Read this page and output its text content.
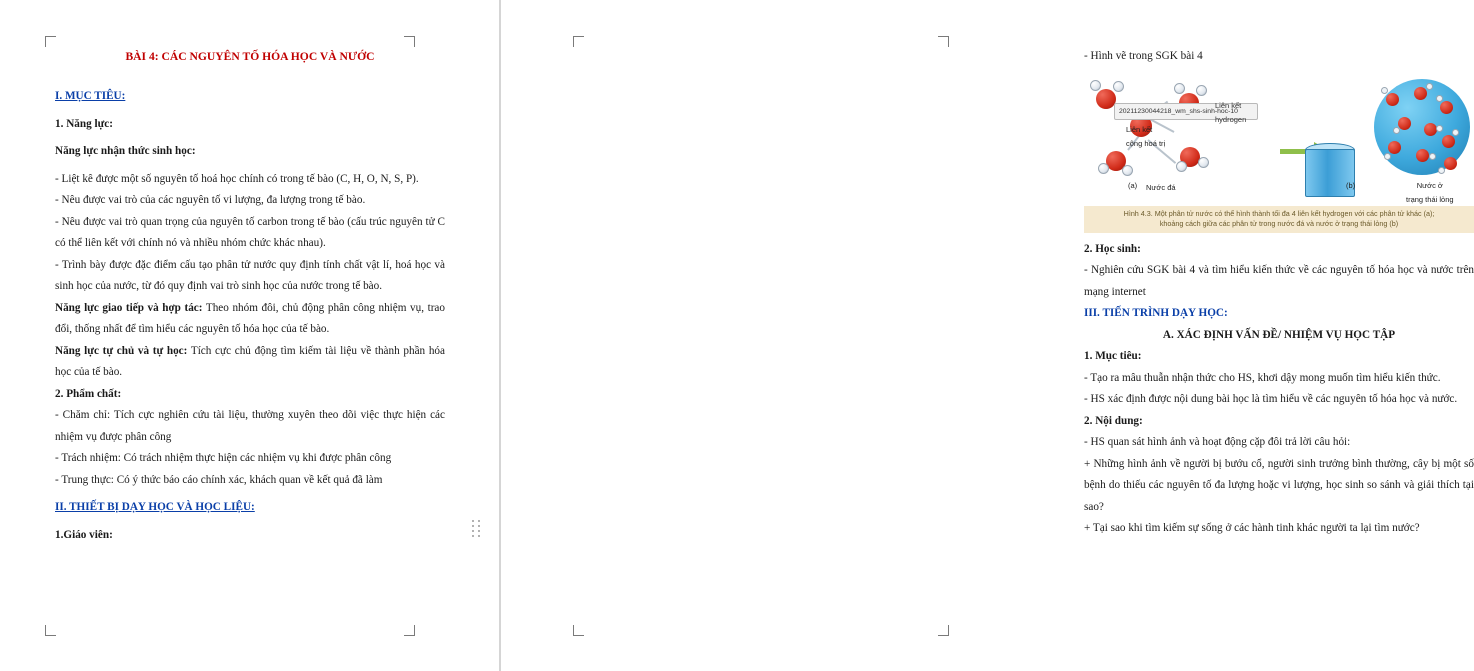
BÀI 4: CÁC NGUYÊN TỐ HÓA HỌC VÀ NƯỚC

I. MỤC TIÊU:

1. Năng lực:

Năng lực nhận thức sinh học:

- Liệt kê được một số nguyên tố hoá học chính có trong tế bào (C, H, O, N, S, P).

- Nêu được vai trò của các nguyên tố vi lượng, đa lượng trong tế bào.

- Nêu được vai trò quan trọng của nguyên tố carbon trong tế bào (cấu trúc nguyên tử C có thể liên kết với chính nó và nhiều nhóm chức khác nhau).

- Trình bày được đặc điểm cấu tạo phân tử nước quy định tính chất vật lí, hoá học và sinh học của nước, từ đó quy định vai trò sinh học của nước trong tế bào.

Năng lực giao tiếp và hợp tác: Theo nhóm đôi, chủ động phân công nhiệm vụ, trao đổi, thống nhất để tìm hiểu các nguyên tố hóa học của tế bào.

Năng lực tự chủ và tự học: Tích cực chủ động tìm kiếm tài liệu về thành phần hóa học của tế bào.

2. Phẩm chất:

- Chăm chỉ: Tích cực nghiên cứu tài liệu, thường xuyên theo dõi việc thực hiện các nhiệm vụ được phân công

- Trách nhiệm: Có trách nhiệm thực hiện các nhiệm vụ khi được phân công

- Trung thực: Có ý thức báo cáo chính xác, khách quan về kết quả đã làm

II. THIẾT BỊ DẠY HỌC VÀ HỌC LIỆU:

1.Giáo viên:

- Hình vẽ trong SGK bài 4

(a)
20211230044218_wm_shs-sinh-hoc-10
Liên kết
hydrogen
Liên kết
cộng hoá trị
Nước đá	(b)	Nước ở
trạng thái lỏng
Hình 4.3. Một phân tử nước có thể hình thành tối đa 4 liên kết hydrogen với các phân tử khác (a);
khoảng cách giữa các phân tử trong nước đá và nước ở trạng thái lỏng (b)

2. Học sinh:

- Nghiên cứu SGK bài 4 và tìm hiểu kiến thức về các nguyên tố hóa học và nước trên mạng internet

III. TIẾN TRÌNH DẠY HỌC:

A. XÁC ĐỊNH VẤN ĐỀ/ NHIỆM VỤ HỌC TẬP

1. Mục tiêu:

- Tạo ra mâu thuẫn nhận thức cho HS, khơi dậy mong muốn tìm hiểu kiến thức.

- HS xác định được nội dung bài học là tìm hiểu về các nguyên tố hóa học và nước.

2. Nội dung:

- HS quan sát hình ảnh và hoạt động cặp đôi trả lời câu hỏi:

+ Những hình ảnh về người bị bướu cổ, người sinh trưởng bình thường, cây bị một số bệnh do thiếu các nguyên tố đa lượng hoặc vi lượng, học sinh so sánh và giải thích tại sao?

+ Tại sao khi tìm kiếm sự sống ở các hành tinh khác người ta lại tìm nước?
